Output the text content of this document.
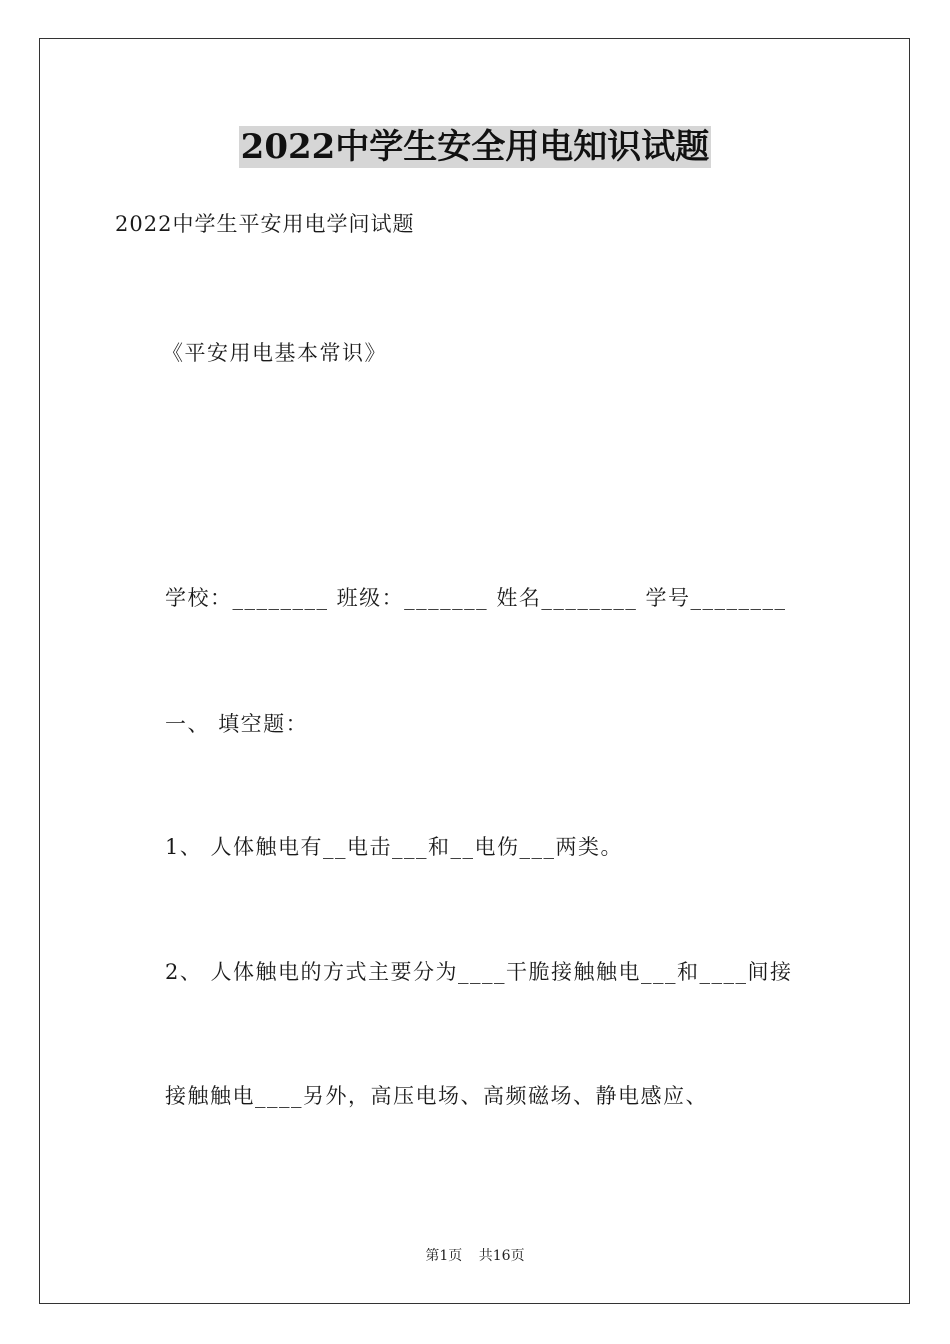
2022中学生安全用电知识试题
2022中学生平安用电学问试题
《平安用电基本常识》
学校：________ 班级：_______ 姓名________ 学号________
一、 填空题：
1、 人体触电有__电击___和__电伤___两类。
2、 人体触电的方式主要分为____干脆接触触电___和____间接
接触触电____另外，高压电场、高频磁场、静电感应、
第1页 共16页
